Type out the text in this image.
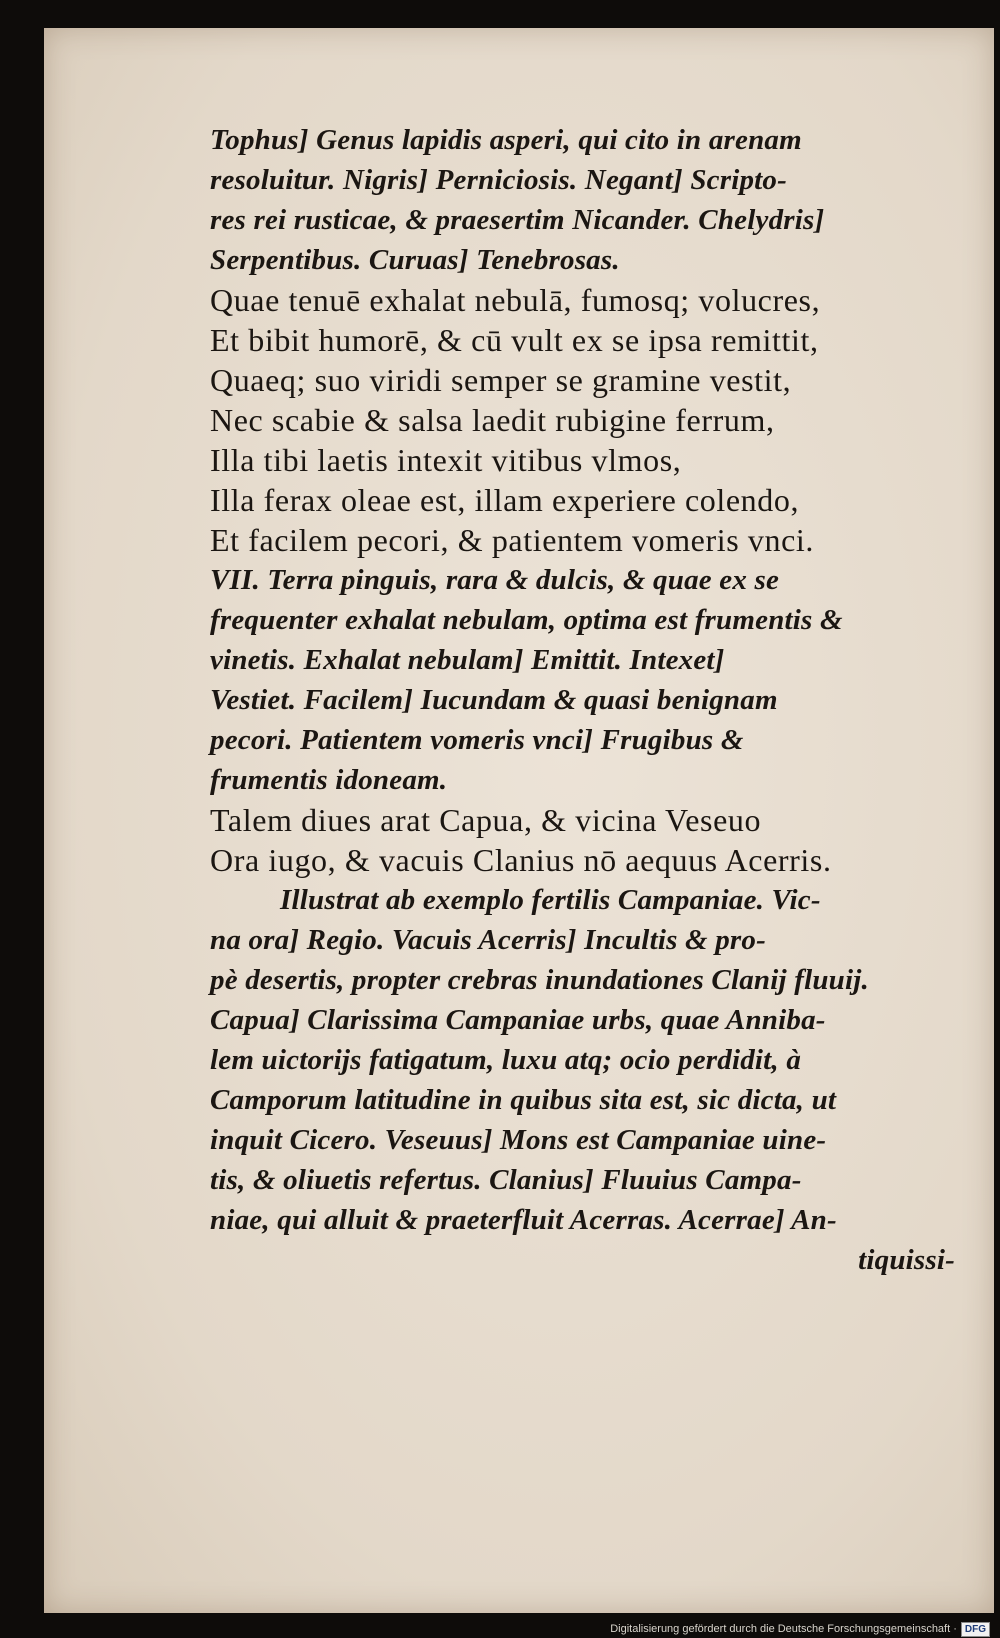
Tophus] Genus lapidis asperi, qui cito in arenam
resoluitur. Nigris] Perniciosis. Negant] Scripto-
res rei rusticae, & praesertim Nicander. Chelydris]
Serpentibus. Curuas] Tenebrosas.
Quae tenuē exhalat nebulā, fumosq; volucres,
Et bibit humorē, & cū vult ex se ipsa remittit,
Quaeq; suo viridi semper se gramine vestit,
Nec scabie & salsa laedit rubigine ferrum,
Illa tibi laetis intexit vitibus vlmos,
Illa ferax oleae est, illam experiere colendo,
Et facilem pecori, & patientem vomeris vnci.
VII. Terra pinguis, rara & dulcis, & quae ex se
frequenter exhalat nebulam, optima est frumentis &
vinetis. Exhalat nebulam] Emittit. Intexet]
Vestiet. Facilem] Iucundam & quasi benignam
pecori. Patientem vomeris vnci] Frugibus &
frumentis idoneam.
Talem diues arat Capua, & vicina Veseuo
Ora iugo, & vacuis Clanius nō aequus Acerris.
Illustrat ab exemplo fertilis Campaniae. Vic-
na ora] Regio. Vacuis Acerris] Incultis & pro-
pè desertis, propter crebras inundationes Clanij fluuij.
Capua] Clarissima Campaniae urbs, quae Anniba-
lem uictorijs fatigatum, luxu atq; ocio perdidit, à
Camporum latitudine in quibus sita est, sic dicta, ut
inquit Cicero. Veseuus] Mons est Campaniae uine-
tis, & oliuetis refertus. Clanius] Fluuius Campa-
niae, qui alluit & praeterfluit Acerras. Acerrae] An-
tiquissi-
Digitalisierung gefördert durch die Deutsche Forschungsgemeinschaft · DFG
